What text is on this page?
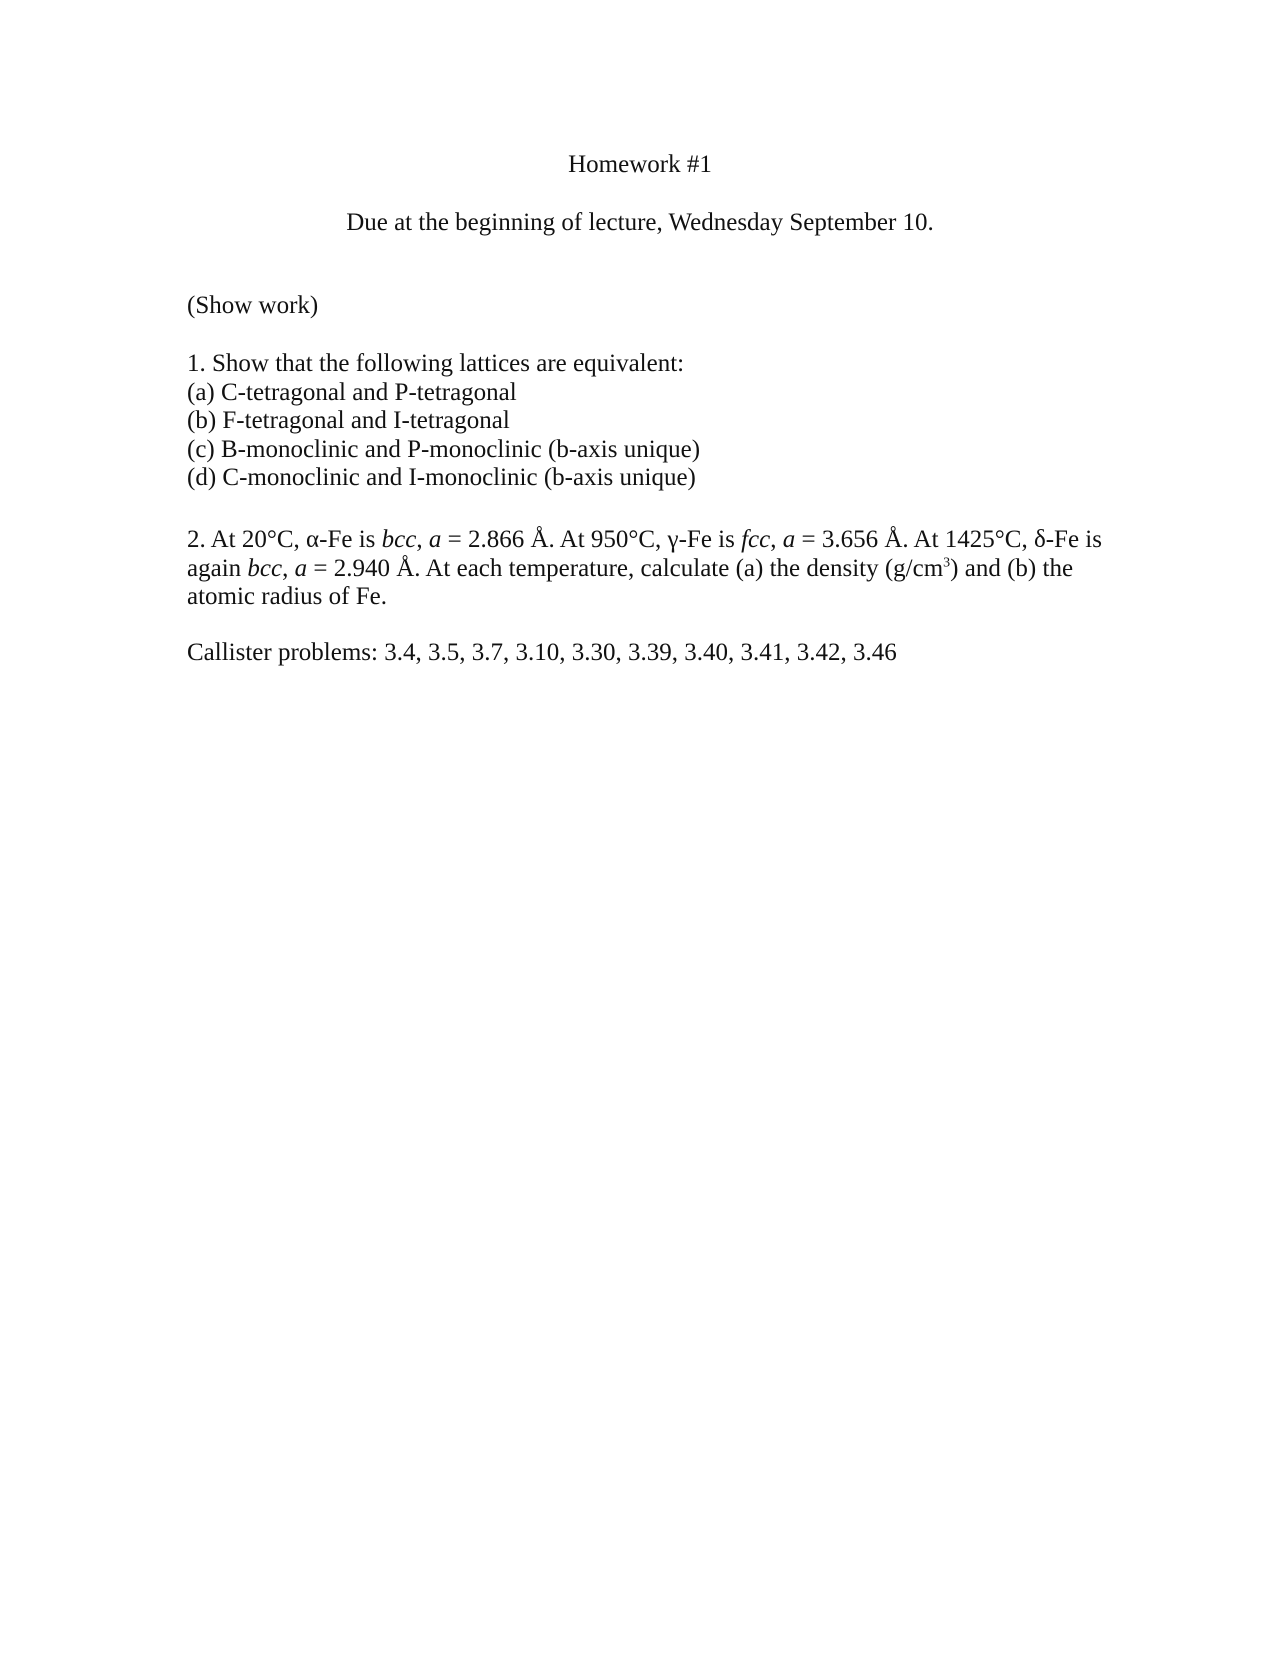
Homework #1
Due at the beginning of lecture, Wednesday September 10.
(Show work)
1. Show that the following lattices are equivalent:
(a) C-tetragonal and P-tetragonal
(b) F-tetragonal and I-tetragonal
(c) B-monoclinic and P-monoclinic (b-axis unique)
(d) C-monoclinic and I-monoclinic (b-axis unique)
2. At 20°C, α-Fe is bcc, a = 2.866 Å. At 950°C, γ-Fe is fcc, a = 3.656 Å. At 1425°C, δ-Fe is again bcc, a = 2.940 Å. At each temperature, calculate (a) the density $(g/cm^3)$ and (b) the atomic radius of Fe.
Callister problems: 3.4, 3.5, 3.7, 3.10, 3.30, 3.39, 3.40, 3.41, 3.42, 3.46
